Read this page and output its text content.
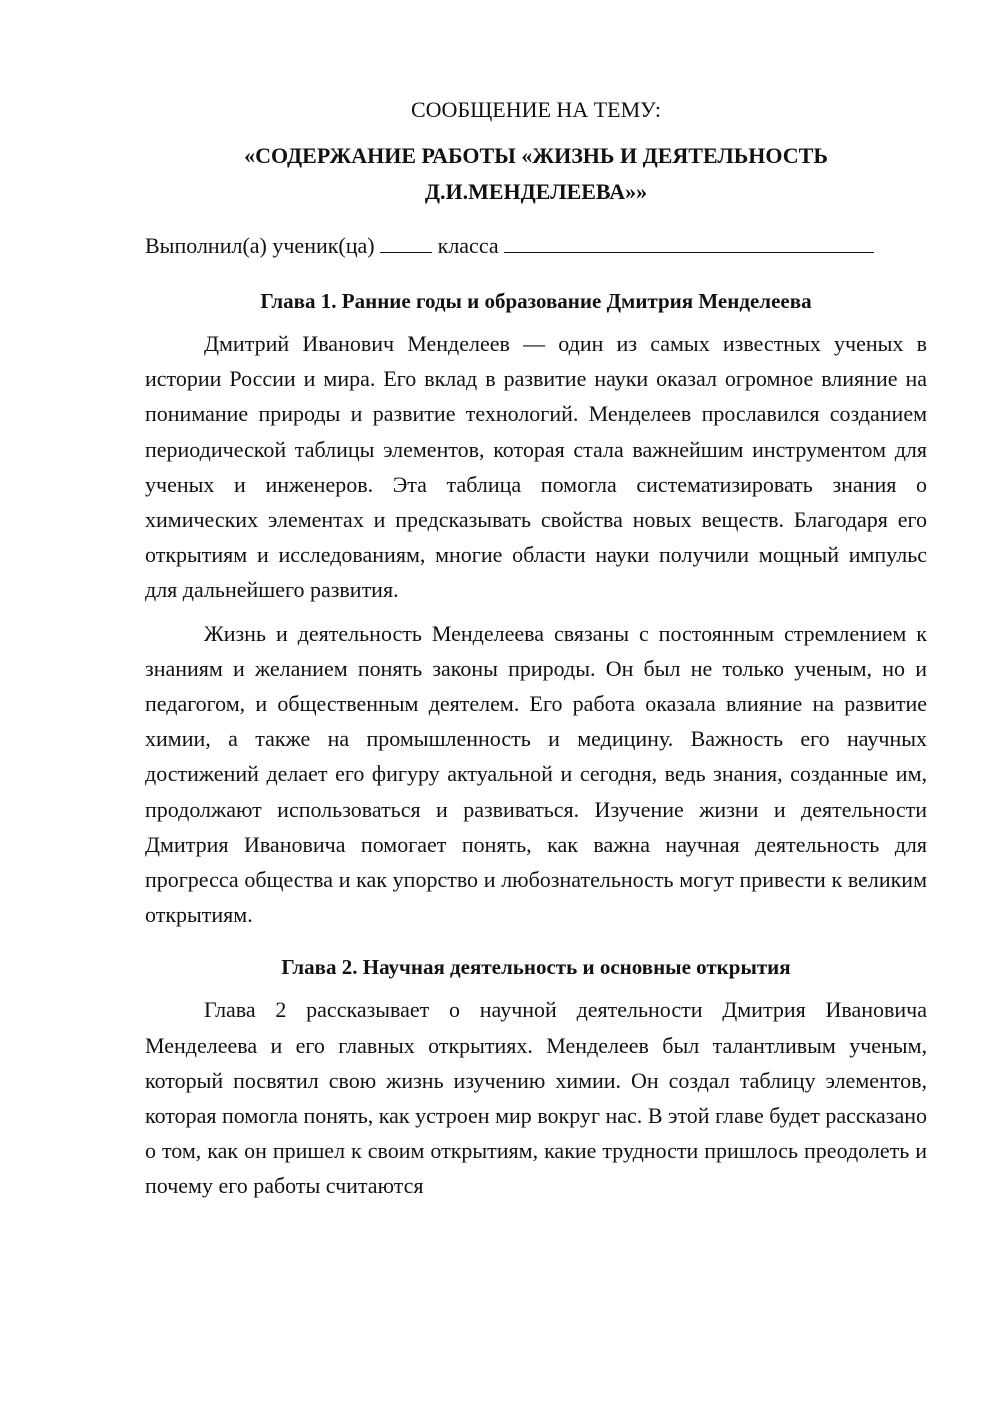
СООБЩЕНИЕ НА ТЕМУ:

«СОДЕРЖАНИЕ РАБОТЫ «ЖИЗНЬ И ДЕЯТЕЛЬНОСТЬ
Д.И.МЕНДЕЛЕЕВА»»

Выполнил(а) ученик(ца)	класса

Глава 1. Ранние годы и образование Дмитрия Менделеева

Дмитрий Иванович Менделеев — один из самых известных ученых в истории России и мира. Его вклад в развитие науки оказал огромное влияние на понимание природы и развитие технологий. Менделеев прославился созданием периодической таблицы элементов, которая стала важнейшим инструментом для ученых и инженеров. Эта таблица помогла систематизировать знания о химических элементах и предсказывать свойства новых веществ. Благодаря его открытиям и исследованиям, многие области науки получили мощный импульс для дальнейшего развития.

Жизнь и деятельность Менделеева связаны с постоянным стремлением к знаниям и желанием понять законы природы. Он был не только ученым, но и педагогом, и общественным деятелем. Его работа оказала влияние на развитие химии, а также на промышленность и медицину. Важность его научных достижений делает его фигуру актуальной и сегодня, ведь знания, созданные им, продолжают использоваться и развиваться. Изучение жизни и деятельности Дмитрия Ивановича помогает понять, как важна научная деятельность для прогресса общества и как упорство и любознательность могут привести к великим открытиям.

Глава 2. Научная деятельность и основные открытия

Глава 2 рассказывает о научной деятельности Дмитрия Ивановича Менделеева и его главных открытиях. Менделеев был талантливым ученым, который посвятил свою жизнь изучению химии. Он создал таблицу элементов, которая помогла понять, как устроен мир вокруг нас. В этой главе будет рассказано о том, как он пришел к своим открытиям, какие трудности пришлось преодолеть и почему его работы считаются
